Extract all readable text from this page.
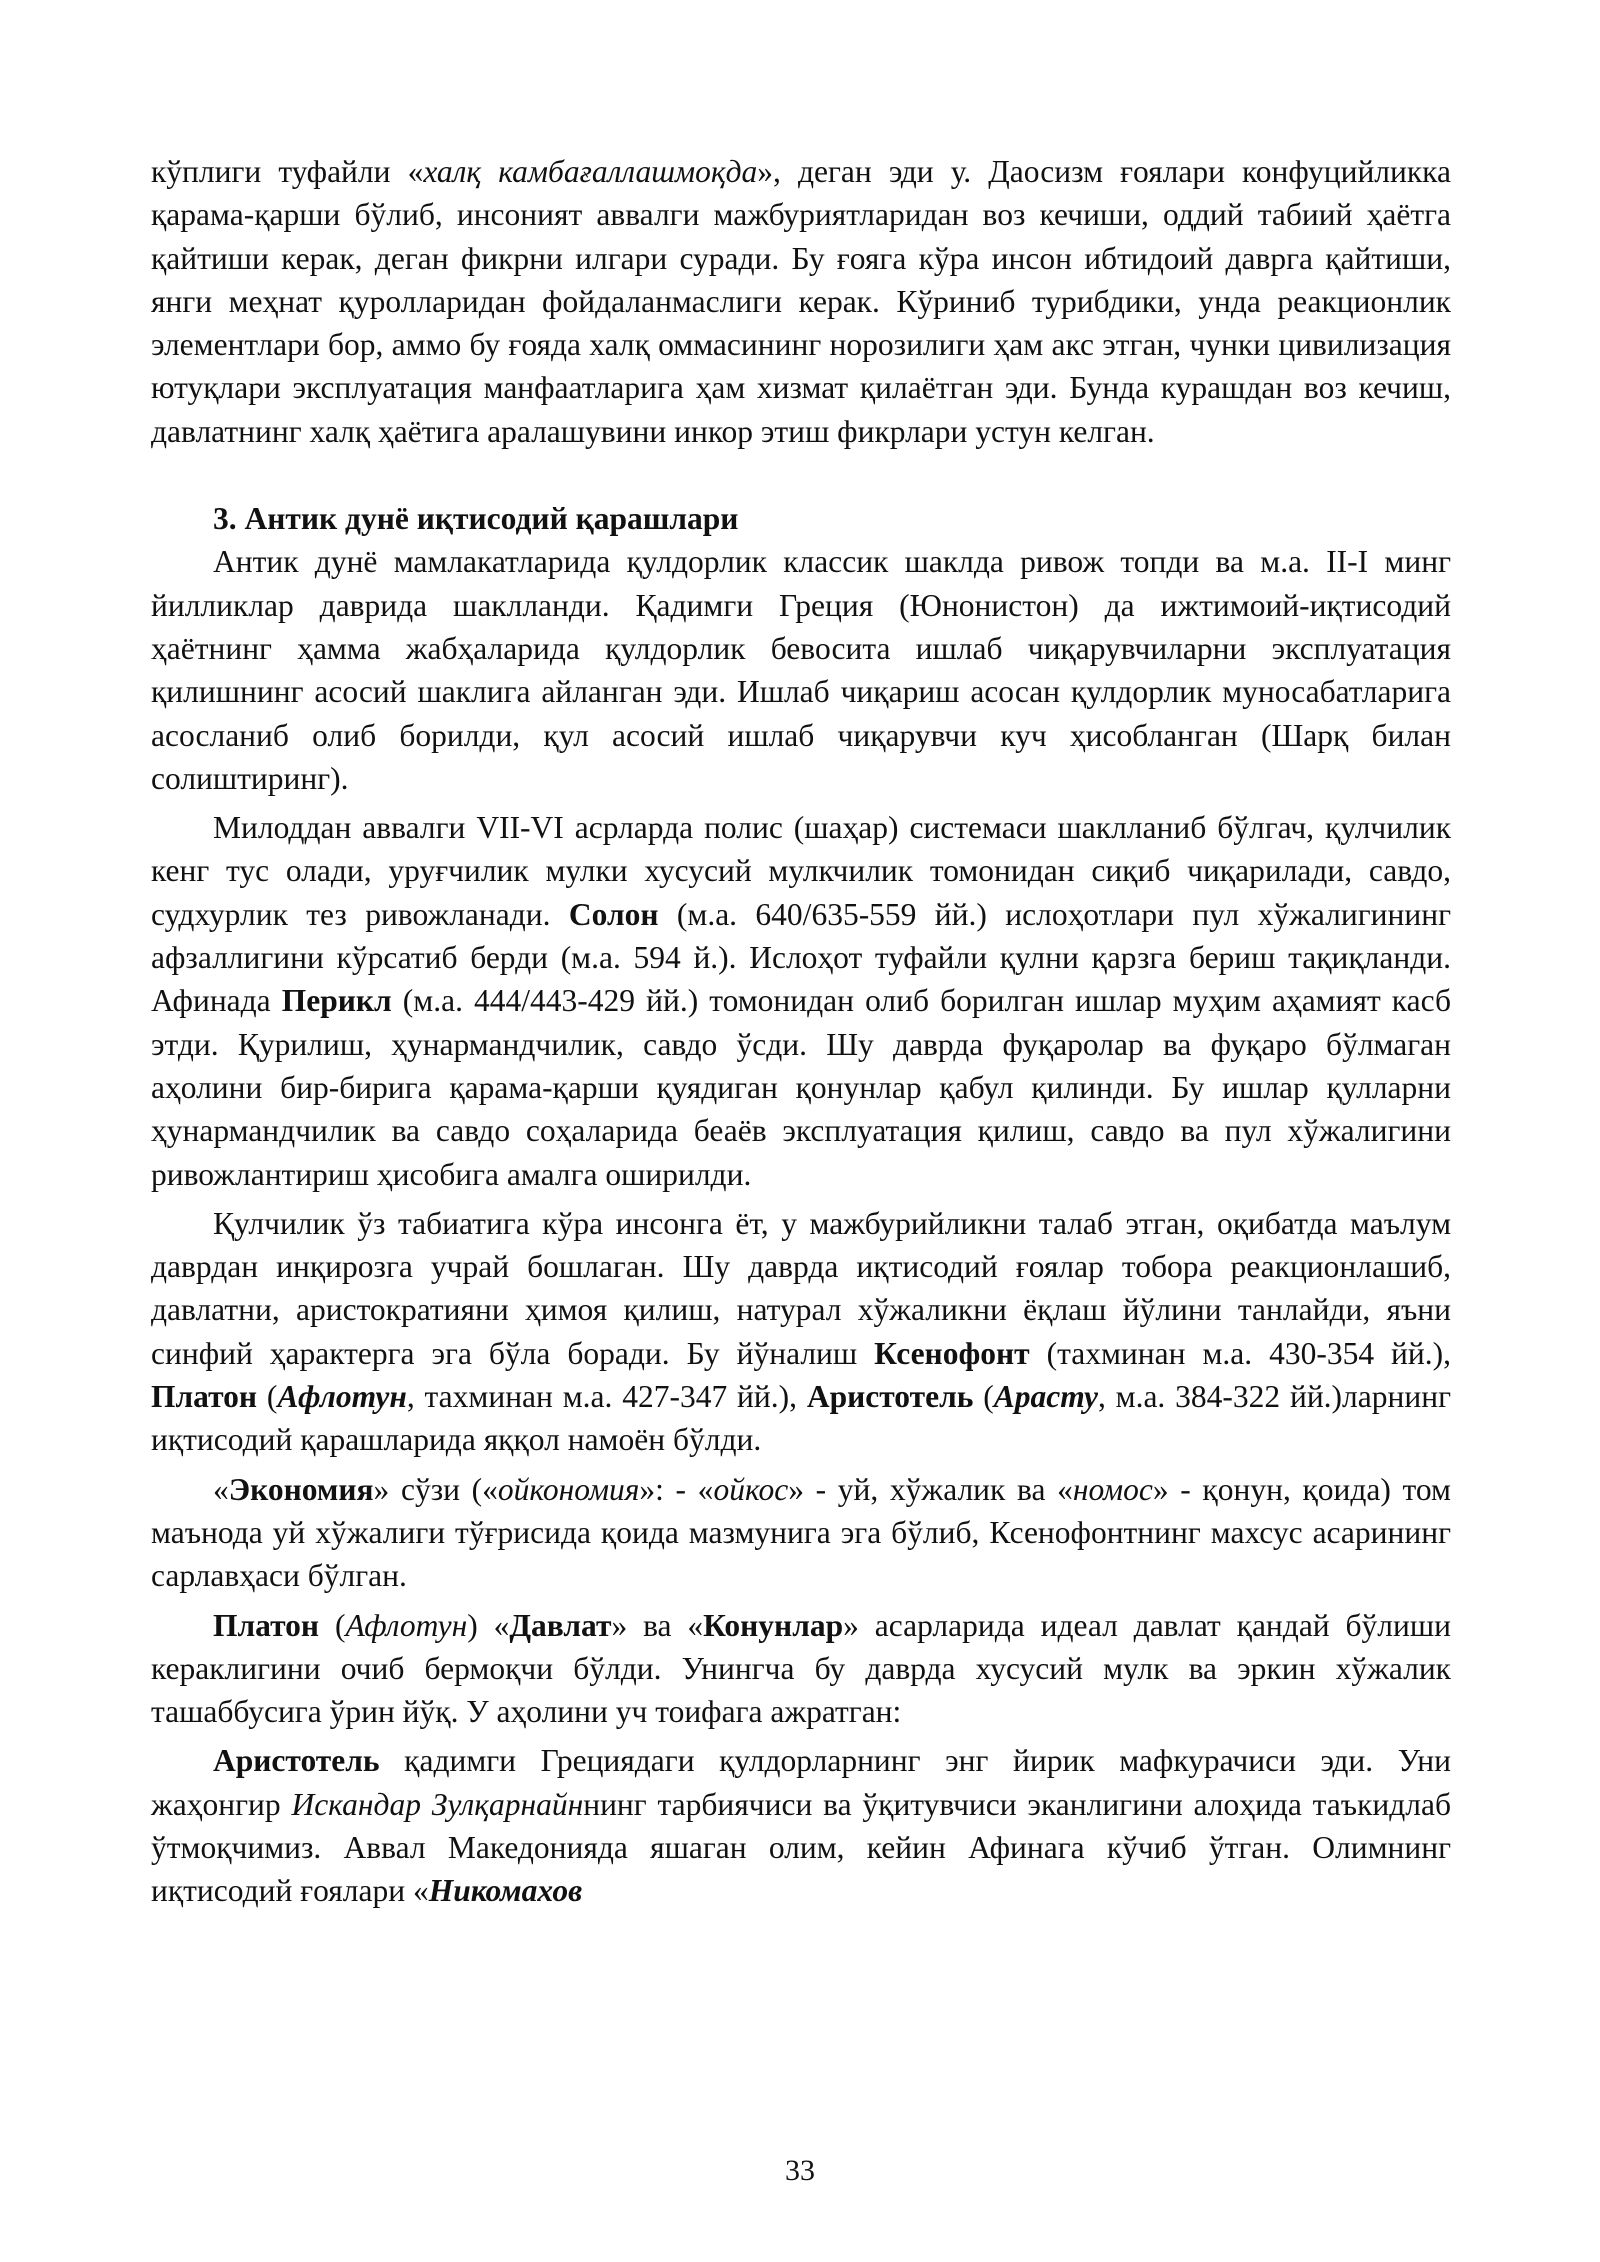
кўплиги туфайли «халқ камбағаллашмоқда», деган эди у. Даосизм ғоялари конфуцийликка қарама-қарши бўлиб, инсоният аввалги мажбуриятларидан воз кечиши, оддий табиий ҳаётга қайтиши керак, деган фикрни илгари суради. Бу ғояга кўра инсон ибтидоий даврга қайтиши, янги меҳнат қуролларидан фойдаланмаслиги керак. Кўриниб турибдики, унда реакционлик элементлари бор, аммо бу ғояда халқ оммасининг норозилиги ҳам акс этган, чунки цивилизация ютуқлари эксплуатация манфаатларига ҳам хизмат қилаётган эди. Бунда курашдан воз кечиш, давлатнинг халқ ҳаётига аралашувини инкор этиш фикрлари устун келган.

3. Антик дунё иқтисодий қарашлари

Антик дунё мамлакатларида қулдорлик классик шаклда ривож топди ва м.а. II-I минг йилликлар даврида шаклланди. Қадимги Греция (Юнонистон) да ижтимоий-иқтисодий ҳаётнинг ҳамма жабҳаларида қулдорлик бевосита ишлаб чиқарувчиларни эксплуатация қилишнинг асосий шаклига айланган эди. Ишлаб чиқариш асосан қулдорлик муносабатларига асосланиб олиб борилди, қул асосий ишлаб чиқарувчи куч ҳисобланган (Шарқ билан солиштиринг).

Милоддан аввалги VII-VI асрларда полис (шаҳар) системаси шаклланиб бўлгач, қулчилик кенг тус олади, уруғчилик мулки хусусий мулкчилик томонидан сиқиб чиқарилади, савдо, судхурлик тез ривожланади. Солон (м.а. 640/635-559 йй.) ислоҳотлари пул хўжалигининг афзаллигини кўрсатиб берди (м.а. 594 й.). Ислоҳот туфайли қулни қарзга бериш тақиқланди. Афинада Перикл (м.а. 444/443-429 йй.) томонидан олиб борилган ишлар муҳим аҳамият касб этди. Қурилиш, ҳунармандчилик, савдо ўсди. Шу даврда фуқаролар ва фуқаро бўлмаган аҳолини бир-бирига қарама-қарши қуядиган қонунлар қабул қилинди. Бу ишлар қулларни ҳунармандчилик ва савдо соҳаларида беаёв эксплуатация қилиш, савдо ва пул хўжалигини ривожлантириш ҳисобига амалга оширилди.

Қулчилик ўз табиатига кўра инсонга ёт, у мажбурийликни талаб этган, оқибатда маълум даврдан инқирозга учрай бошлаган. Шу даврда иқтисодий ғоялар тобора реакционлашиб, давлатни, аристократияни ҳимоя қилиш, натурал хўжаликни ёқлаш йўлини танлайди, яъни синфий ҳарактерга эга бўла боради. Бу йўналиш Ксенофонт (тахминан м.а. 430-354 йй.), Платон (Афлотун, тахминан м.а. 427-347 йй.), Аристотель (Арасту, м.а. 384-322 йй.)ларнинг иқтисодий қарашларида яққол намоён бўлди.

«Экономия» сўзи («ойкономия»: - «ойкос» - уй, хўжалик ва «номос» - қонун, қоида) том маънода уй хўжалиги тўғрисида қоида мазмунига эга бўлиб, Ксенофонтнинг махсус асарининг сарлавҳаси бўлган.

Платон (Афлотун) «Давлат» ва «Конунлар» асарларида идеал давлат қандай бўлиши кераклигини очиб бермоқчи бўлди. Унингча бу даврда хусусий мулк ва эркин хўжалик ташаббусига ўрин йўқ. У аҳолини уч тоифага ажратган:

Аристотель қадимги Грециядаги қулдорларнинг энг йирик мафкурачиси эди. Уни жаҳонгир Искандар Зулқарнайннинг тарбиячиси ва ўқитувчиси эканлигини алоҳида таъкидлаб ўтмоқчимиз. Аввал Македонияда яшаган олим, кейин Афинага кўчиб ўтган. Олимнинг иқтисодий ғоялари «Никомахов

33
